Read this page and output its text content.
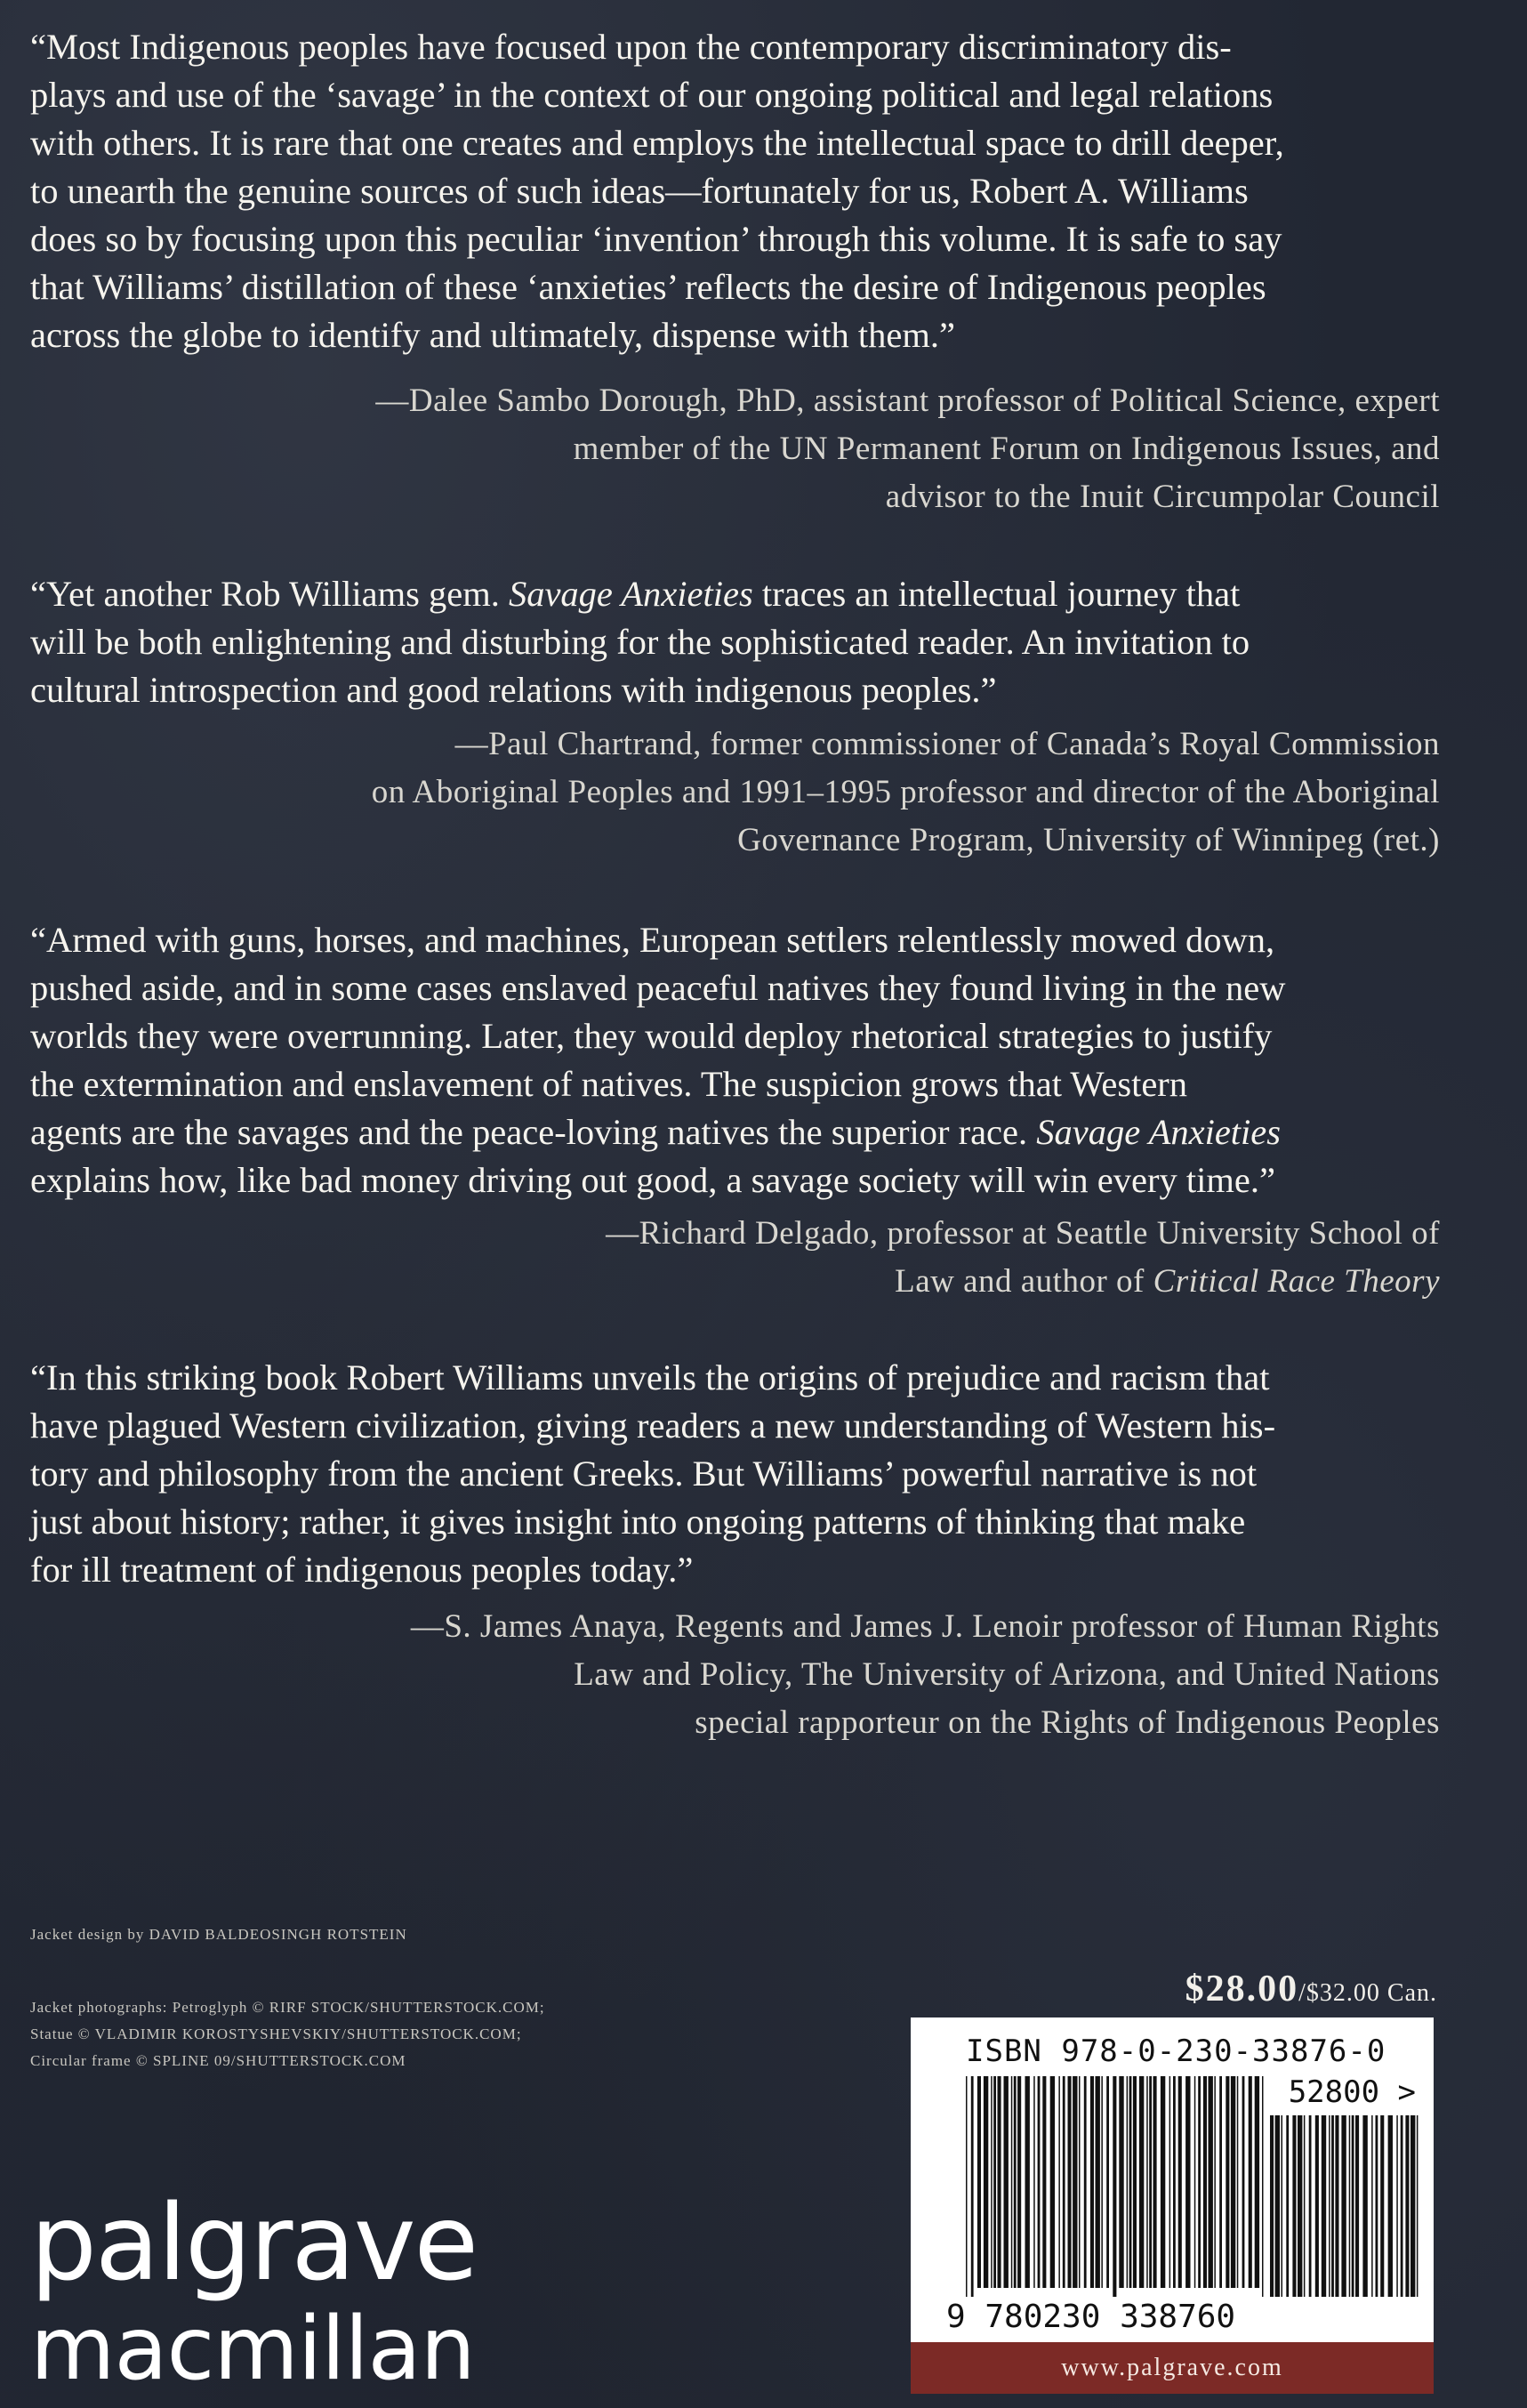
“Most Indigenous peoples have focused upon the contemporary discriminatory dis-
plays and use of the ‘savage’ in the context of our ongoing political and legal relations
with others. It is rare that one creates and employs the intellectual space to drill deeper,
to unearth the genuine sources of such ideas—fortunately for us, Robert A. Williams
does so by focusing upon this peculiar ‘invention’ through this volume. It is safe to say
that Williams’ distillation of these ‘anxieties’ reflects the desire of Indigenous peoples
across the globe to identify and ultimately, dispense with them.”
—Dalee Sambo Dorough, PhD, assistant professor of Political Science, expert
member of the UN Permanent Forum on Indigenous Issues, and
advisor to the Inuit Circumpolar Council
“Yet another Rob Williams gem. Savage Anxieties traces an intellectual journey that
will be both enlightening and disturbing for the sophisticated reader. An invitation to
cultural introspection and good relations with indigenous peoples.”
—Paul Chartrand, former commissioner of Canada’s Royal Commission
on Aboriginal Peoples and 1991–1995 professor and director of the Aboriginal
Governance Program, University of Winnipeg (ret.)
“Armed with guns, horses, and machines, European settlers relentlessly mowed down,
pushed aside, and in some cases enslaved peaceful natives they found living in the new
worlds they were overrunning. Later, they would deploy rhetorical strategies to justify
the extermination and enslavement of natives. The suspicion grows that Western
agents are the savages and the peace-loving natives the superior race. Savage Anxieties
explains how, like bad money driving out good, a savage society will win every time.”
—Richard Delgado, professor at Seattle University School of
Law and author of Critical Race Theory
“In this striking book Robert Williams unveils the origins of prejudice and racism that
have plagued Western civilization, giving readers a new understanding of Western his-
tory and philosophy from the ancient Greeks. But Williams’ powerful narrative is not
just about history; rather, it gives insight into ongoing patterns of thinking that make
for ill treatment of indigenous peoples today.”
—S. James Anaya, Regents and James J. Lenoir professor of Human Rights
Law and Policy, The University of Arizona, and United Nations
special rapporteur on the Rights of Indigenous Peoples
Jacket design by DAVID BALDEOSINGH ROTSTEIN
Jacket photographs: Petroglyph © RIRF STOCK/SHUTTERSTOCK.COM;
Statue © VLADIMIR KOROSTYSHEVSKIY/SHUTTERSTOCK.COM;
Circular frame © SPLINE 09/SHUTTERSTOCK.COM
$28.00/$32.00 Can.
ISBN 978-0-230-33876-0
52800 >
9 780230 338760
www.palgrave.com
palgrave
macmillan
